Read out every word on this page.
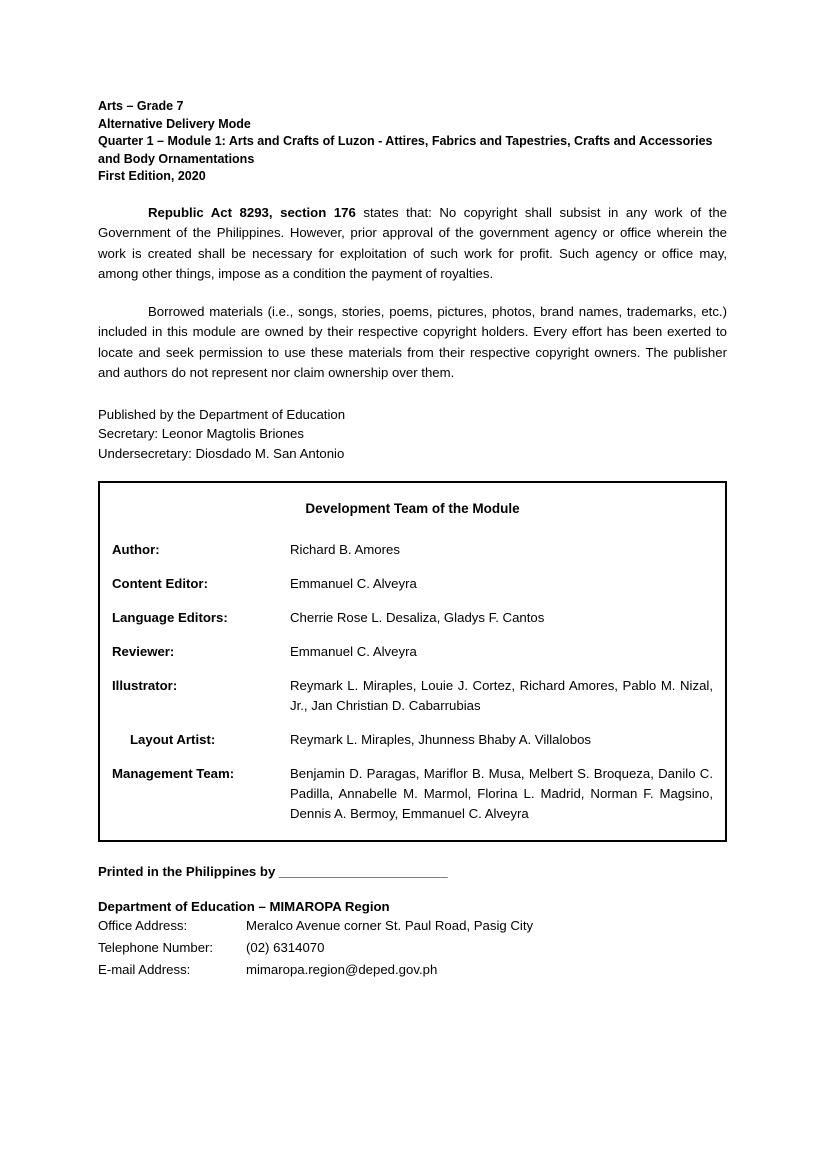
Arts – Grade 7
Alternative Delivery Mode
Quarter 1 – Module 1: Arts and Crafts of Luzon - Attires, Fabrics and Tapestries, Crafts and Accessories and Body Ornamentations
First Edition, 2020
Republic Act 8293, section 176 states that: No copyright shall subsist in any work of the Government of the Philippines. However, prior approval of the government agency or office wherein the work is created shall be necessary for exploitation of such work for profit. Such agency or office may, among other things, impose as a condition the payment of royalties.
Borrowed materials (i.e., songs, stories, poems, pictures, photos, brand names, trademarks, etc.) included in this module are owned by their respective copyright holders. Every effort has been exerted to locate and seek permission to use these materials from their respective copyright owners. The publisher and authors do not represent nor claim ownership over them.
Published by the Department of Education
Secretary: Leonor Magtolis Briones
Undersecretary: Diosdado M. San Antonio
Development Team of the Module
Author:	Richard B. Amores
Content Editor:	Emmanuel C. Alveyra
Language Editors:	Cherrie Rose L. Desaliza, Gladys F. Cantos
Reviewer:	Emmanuel C. Alveyra
Illustrator:	Reymark L. Miraples, Louie J. Cortez, Richard Amores, Pablo M. Nizal, Jr., Jan Christian D. Cabarrubias
Layout Artist:	Reymark L. Miraples, Jhunness Bhaby A. Villalobos
Management Team:	Benjamin D. Paragas, Mariflor B. Musa, Melbert S. Broqueza, Danilo C. Padilla, Annabelle M. Marmol, Florina L. Madrid, Norman F. Magsino, Dennis A. Bermoy, Emmanuel C. Alveyra
Printed in the Philippines by _______________________
Department of Education – MIMAROPA Region
Office Address:	Meralco Avenue corner St. Paul Road, Pasig City
Telephone Number:	(02) 6314070
E-mail Address:	mimaropa.region@deped.gov.ph
